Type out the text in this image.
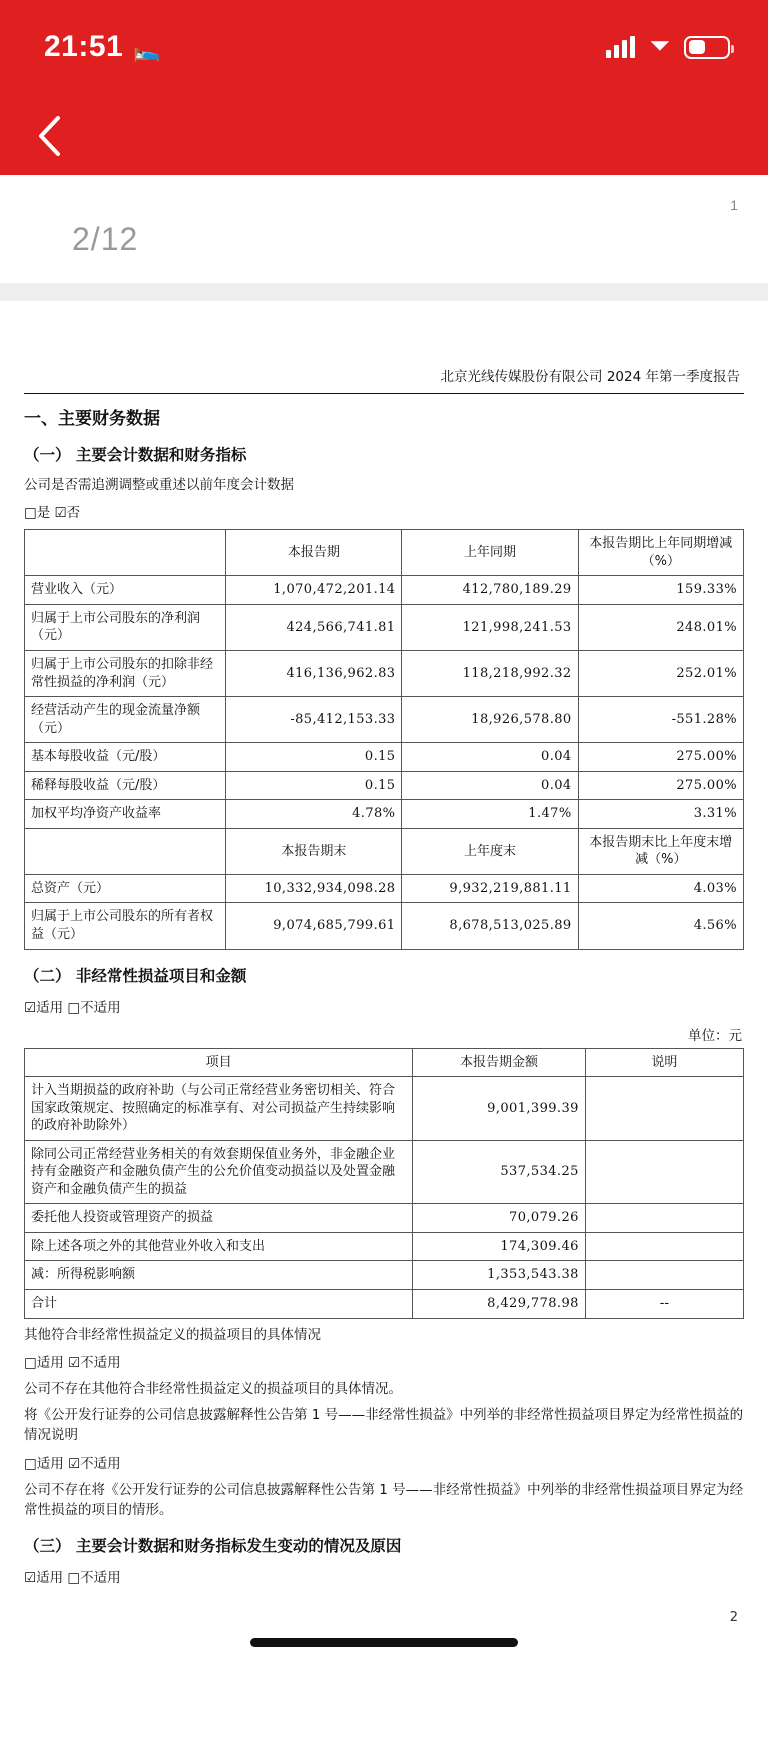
21:51 🛌	⏷
1
2/12
北京光线传媒股份有限公司 2024 年第一季度报告
一、主要财务数据
（一） 主要会计数据和财务指标

公司是否需追溯调整或重述以前年度会计数据

□是 ☑否

	本报告期	上年同期	本报告期比上年同期增减（%）
营业收入（元）	1,070,472,201.14	412,780,189.29	159.33%
归属于上市公司股东的净利润（元）	424,566,741.81	121,998,241.53	248.01%
归属于上市公司股东的扣除非经常性损益的净利润（元）	416,136,962.83	118,218,992.32	252.01%
经营活动产生的现金流量净额（元）	-85,412,153.33	18,926,578.80	-551.28%
基本每股收益（元/股）	0.15	0.04	275.00%
稀释每股收益（元/股）	0.15	0.04	275.00%
加权平均净资产收益率	4.78%	1.47%	3.31%
	本报告期末	上年度末	本报告期末比上年度末增减（%）
总资产（元）	10,332,934,098.28	9,932,219,881.11	4.03%
归属于上市公司股东的所有者权益（元）	9,074,685,799.61	8,678,513,025.89	4.56%
（二） 非经常性损益项目和金额

☑适用 □不适用

单位：元
项目	本报告期金额	说明
计入当期损益的政府补助（与公司正常经营业务密切相关、符合国家政策规定、按照确定的标准享有、对公司损益产生持续影响的政府补助除外）	9,001,399.39	
除同公司正常经营业务相关的有效套期保值业务外，非金融企业持有金融资产和金融负债产生的公允价值变动损益以及处置金融资产和金融负债产生的损益	537,534.25	
委托他人投资或管理资产的损益	70,079.26	
除上述各项之外的其他营业外收入和支出	174,309.46	
减：所得税影响额	1,353,543.38	
合计	8,429,778.98	--

其他符合非经常性损益定义的损益项目的具体情况

□适用 ☑不适用

公司不存在其他符合非经常性损益定义的损益项目的具体情况。

将《公开发行证券的公司信息披露解释性公告第 1 号——非经常性损益》中列举的非经常性损益项目界定为经常性损益的情况说明

□适用 ☑不适用

公司不存在将《公开发行证券的公司信息披露解释性公告第 1 号——非经常性损益》中列举的非经常性损益项目界定为经常性损益的项目的情形。

（三） 主要会计数据和财务指标发生变动的情况及原因

☑适用 □不适用

2
